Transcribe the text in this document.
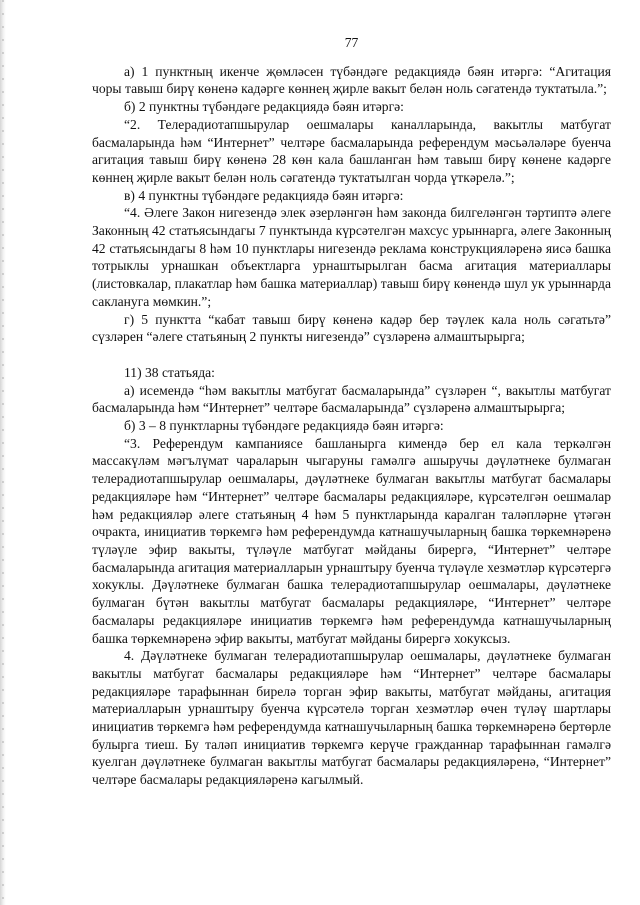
77

а) 1 пунктның икенче җөмләсен түбәндәге редакциядә бәян итәргә: “Агитация чоры тавыш бирү көненә кадәрге көннең җирле вакыт белән ноль сәгатендә туктатыла.”;

б) 2 пунктны түбәндәге редакциядә бәян итәргә:

“2. Телерадиотапшырулар оешмалары каналларында, вакытлы матбугат басмаларында һәм “Интернет” челтәре басмаларында референдум мәсьәләләре буенча агитация тавыш бирү көненә 28 көн кала башланган һәм тавыш бирү көнене кадәрге көннең җирле вакыт белән ноль сәгатендә туктатылган чорда үткәрелә.”;

в) 4 пунктны түбәндәге редакциядә бәян итәргә:

“4. Әлеге Закон нигезендә элек әзерләнгән һәм законда билгеләнгән тәртиптә әлеге Законның 42 статьясындагы 7 пунктында күрсәтелгән махсус урыннарга, әлеге Законның 42 статьясындагы 8 һәм 10 пунктлары нигезендә реклама конструкцияләренә яисә башка тотрыклы урнашкан объектларга урнаштырылган басма агитация материаллары (листовкалар, плакатлар һәм башка материаллар) тавыш бирү көнендә шул ук урыннарда саклануга мөмкин.”;

г) 5 пунктта “кабат тавыш бирү көненә кадәр бер тәүлек кала ноль сәгатьтә” сүзләрен “әлеге статьяның 2 пункты нигезендә” сүзләренә алмаштырырга;

11) 38 статьяда:

а) исемендә “һәм вакытлы матбугат басмаларында” сүзләрен “, вакытлы матбугат басмаларында һәм “Интернет” челтәре басмаларында” сүзләренә алмаштырырга;

б) 3 – 8 пунктларны түбәндәге редакциядә бәян итәргә:

“3. Референдум кампаниясе башланырга кимендә бер ел кала теркәлгән массакүләм мәгълүмат чараларын чыгаруны гамәлгә ашыручы дәүләтнеке булмаган телерадиотапшырулар оешмалары, дәүләтнеке булмаган вакытлы матбугат басмалары редакцияләре һәм “Интернет” челтәре басмалары редакцияләре, күрсәтелгән оешмалар һәм редакцияләр әлеге статьяның 4 һәм 5 пунктларында каралган таләпләрне үтәгән очракта, инициатив төркемгә һәм референдумда катнашучыларның башка төркемнәренә түләүле эфир вакыты, түләүле матбугат мәйданы бирергә, “Интернет” челтәре басмаларында агитация материалларын урнаштыру буенча түләүле хезмәтләр күрсәтергә хокуклы. Дәүләтнеке булмаган башка телерадиотапшырулар оешмалары, дәүләтнеке булмаган бүтән вакытлы матбугат басмалары редакцияләре, “Интернет” челтәре басмалары редакцияләре инициатив төркемгә һәм референдумда катнашучыларның башка төркемнәренә эфир вакыты, матбугат мәйданы бирергә хокуксыз.

4. Дәүләтнеке булмаган телерадиотапшырулар оешмалары, дәүләтнеке булмаган вакытлы матбугат басмалары редакцияләре һәм “Интернет” челтәре басмалары редакцияләре тарафыннан бирелә торган эфир вакыты, матбугат мәйданы, агитация материалларын урнаштыру буенча күрсәтелә торган хезмәтләр өчен түләү шартлары инициатив төркемгә һәм референдумда катнашучыларның башка төркемнәренә бертөрле булырга тиеш. Бу таләп инициатив төркемгә керүче гражданнар тарафыннан гамәлгә куелган дәүләтнеке булмаган вакытлы матбугат басмалары редакцияләренә, “Интернет” челтәре басмалары редакцияләренә кагылмый.
